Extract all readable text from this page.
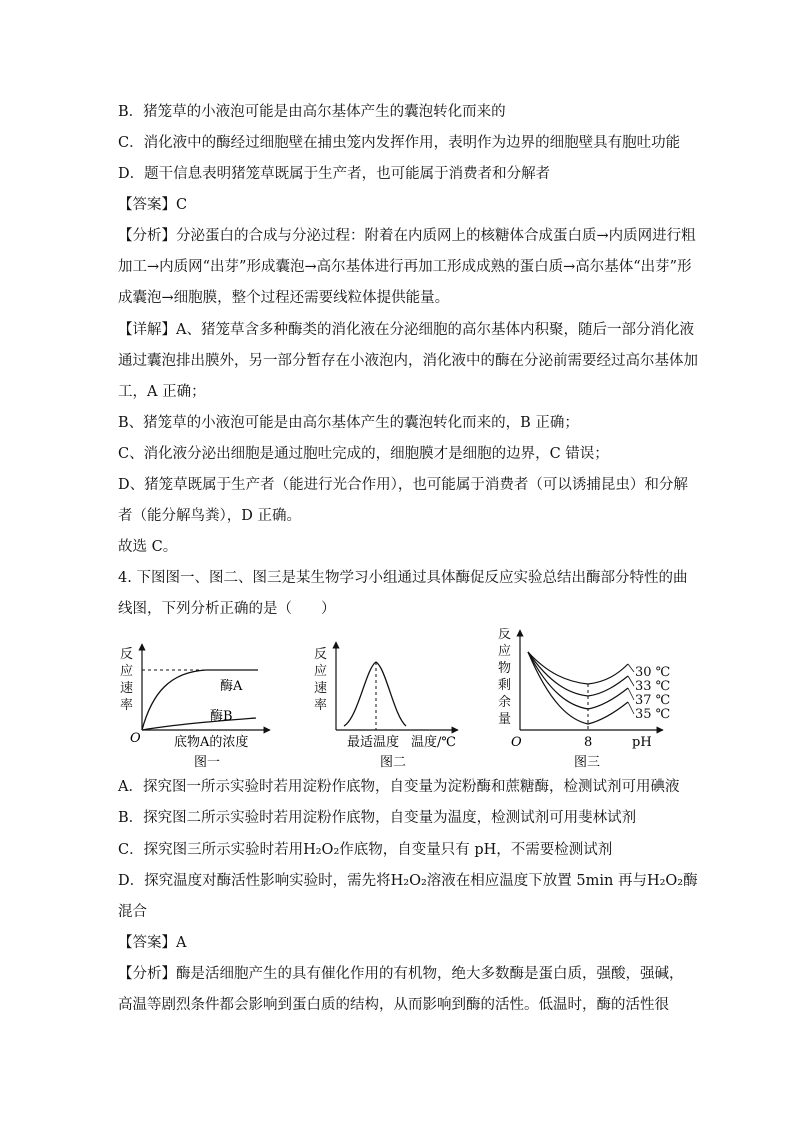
B．猪笼草的小液泡可能是由高尔基体产生的囊泡转化而来的
C．消化液中的酶经过细胞壁在捕虫笼内发挥作用，表明作为边界的细胞壁具有胞吐功能
D．题干信息表明猪笼草既属于生产者，也可能属于消费者和分解者
【答案】C
【分析】分泌蛋白的合成与分泌过程：附着在内质网上的核糖体合成蛋白质→内质网进行粗
加工→内质网“出芽”形成囊泡→高尔基体进行再加工形成成熟的蛋白质→高尔基体“出芽”形
成囊泡→细胞膜，整个过程还需要线粒体提供能量。
【详解】A、猪笼草含多种酶类的消化液在分泌细胞的高尔基体内积聚，随后一部分消化液
通过囊泡排出膜外，另一部分暂存在小液泡内，消化液中的酶在分泌前需要经过高尔基体加
工，A 正确；
B、猪笼草的小液泡可能是由高尔基体产生的囊泡转化而来的，B 正确；
C、消化液分泌出细胞是通过胞吐完成的，细胞膜才是细胞的边界，C 错误；
D、猪笼草既属于生产者（能进行光合作用），也可能属于消费者（可以诱捕昆虫）和分解
者（能分解鸟粪），D 正确。
故选 C。
4. 下图图一、图二、图三是某生物学习小组通过具体酶促反应实验总结出酶部分特性的曲
线图，下列分析正确的是（　　）
反
应
速
率
酶A
酶B
O	底物A的浓度
图一
反
应
速
率
最适温度 温度/℃
图二
反
应
物
剩
余
量
30 ℃
33 ℃
37 ℃
35 ℃
O	8	pH
图三
A．探究图一所示实验时若用淀粉作底物，自变量为淀粉酶和蔗糖酶，检测试剂可用碘液
B．探究图二所示实验时若用淀粉作底物，自变量为温度，检测试剂可用斐林试剂
C．探究图三所示实验时若用H₂O₂作底物，自变量只有 pH，不需要检测试剂
D．探究温度对酶活性影响实验时，需先将H₂O₂溶液在相应温度下放置 5min 再与H₂O₂酶
混合
【答案】A
【分析】酶是活细胞产生的具有催化作用的有机物，绝大多数酶是蛋白质，强酸，强碱，
高温等剧烈条件都会影响到蛋白质的结构，从而影响到酶的活性。低温时，酶的活性很
